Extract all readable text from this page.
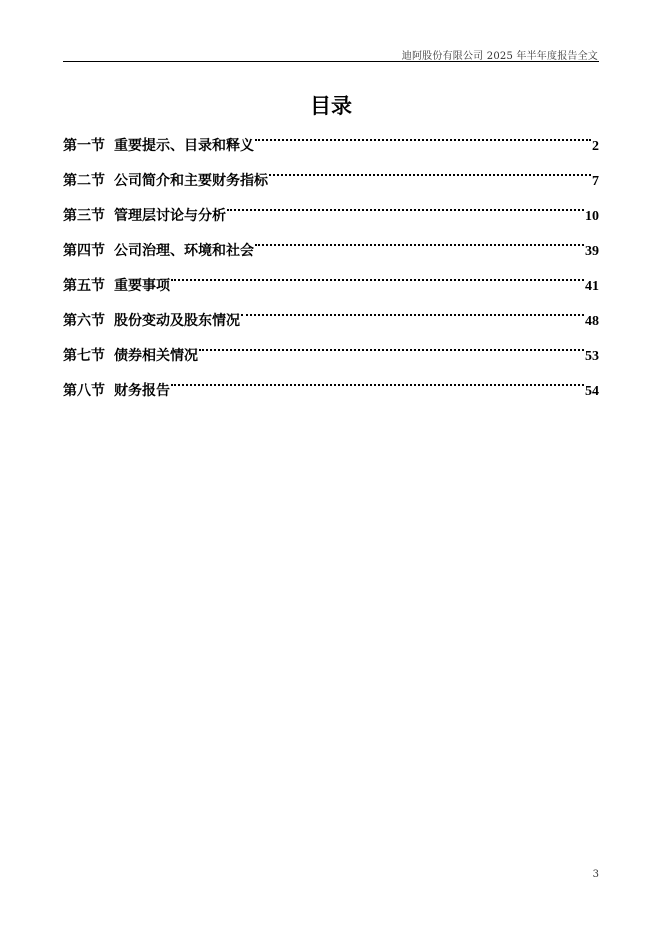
迪阿股份有限公司 2025 年半年度报告全文
目录
第一节 重要提示、目录和释义	2
第二节 公司简介和主要财务指标	7
第三节 管理层讨论与分析	10
第四节 公司治理、环境和社会	39
第五节 重要事项	41
第六节 股份变动及股东情况	48
第七节 债券相关情况	53
第八节 财务报告	54
3
